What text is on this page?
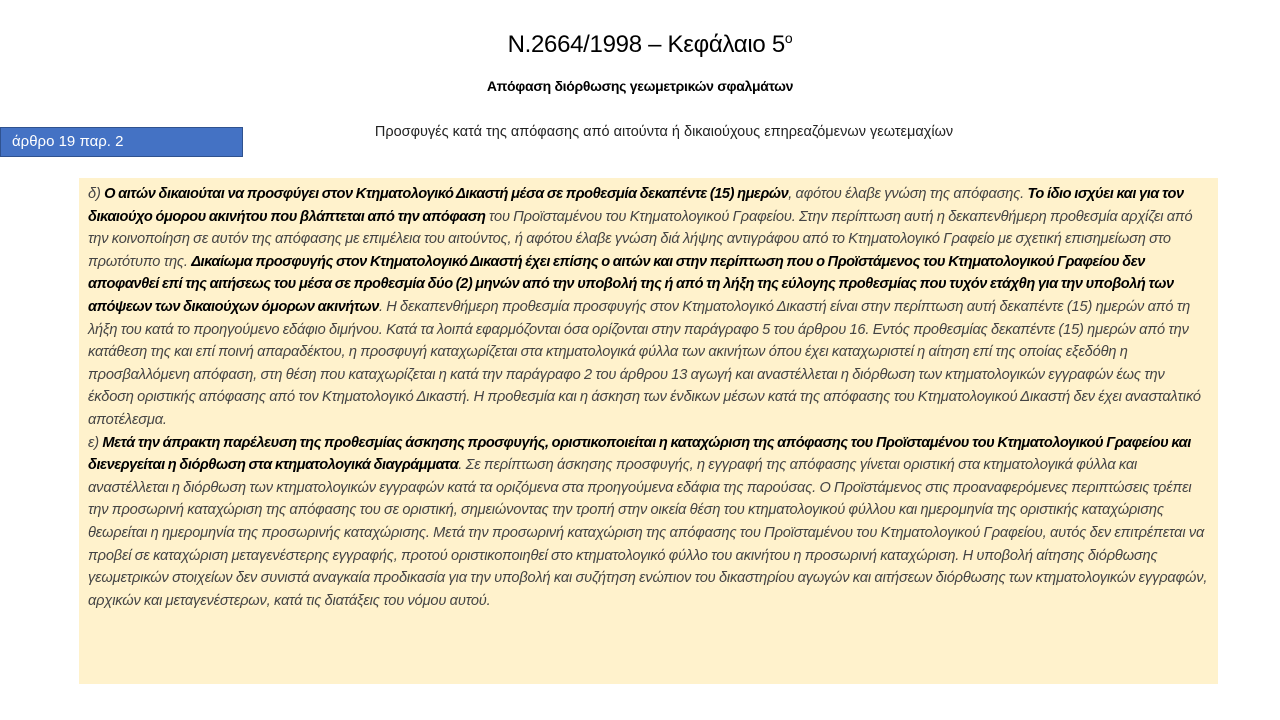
Ν.2664/1998 – Κεφάλαιο $5^o$
Απόφαση διόρθωσης γεωμετρικών σφαλμάτων
άρθρο 19 παρ. 2
Προσφυγές κατά της απόφασης από αιτούντα ή δικαιούχους επηρεαζόμενων γεωτεμαχίων

δ) Ο αιτών δικαιούται να προσφύγει στον Κτηματολογικό Δικαστή μέσα σε προθεσμία δεκαπέντε (15) ημερών, αφότου έλαβε γνώση της απόφασης. Το ίδιο ισχύει και για τον δικαιούχο όμορου ακινήτου που βλάπτεται από την απόφαση του Προϊσταμένου του Κτηματολογικού Γραφείου. Στην περίπτωση αυτή η δεκαπενθήμερη προθεσμία αρχίζει από την κοινοποίηση σε αυτόν της απόφασης με επιμέλεια του αιτούντος, ή αφότου έλαβε γνώση διά λήψης αντιγράφου από το Κτηματολογικό Γραφείο με σχετική επισημείωση στο πρωτότυπο της. Δικαίωμα προσφυγής στον Κτηματολογικό Δικαστή έχει επίσης ο αιτών και στην περίπτωση που ο Προϊστάμενος του Κτηματολογικού Γραφείου δεν αποφανθεί επί της αιτήσεως του μέσα σε προθεσμία δύο (2) μηνών από την υποβολή της ή από τη λήξη της εύλογης προθεσμίας που τυχόν ετάχθη για την υποβολή των απόψεων των δικαιούχων όμορων ακινήτων. Η δεκαπενθήμερη προθεσμία προσφυγής στον Κτηματολογικό Δικαστή είναι στην περίπτωση αυτή δεκαπέντε (15) ημερών από τη λήξη του κατά το προηγούμενο εδάφιο διμήνου. Κατά τα λοιπά εφαρμόζονται όσα ορίζονται στην παράγραφο 5 του άρθρου 16. Εντός προθεσμίας δεκαπέντε (15) ημερών από την κατάθεση της και επί ποινή απαραδέκτου, η προσφυγή καταχωρίζεται στα κτηματολογικά φύλλα των ακινήτων όπου έχει καταχωριστεί η αίτηση επί της οποίας εξεδόθη η προσβαλλόμενη απόφαση, στη θέση που καταχωρίζεται η κατά την παράγραφο 2 του άρθρου 13 αγωγή και αναστέλλεται η διόρθωση των κτηματολογικών εγγραφών έως την έκδοση οριστικής απόφασης από τον Κτηματολογικό Δικαστή. Η προθεσμία και η άσκηση των ένδικων μέσων κατά της απόφασης του Κτηματολογικού Δικαστή δεν έχει ανασταλτικό αποτέλεσμα.

ε) Μετά την άπρακτη παρέλευση της προθεσμίας άσκησης προσφυγής, οριστικοποιείται η καταχώριση της απόφασης του Προϊσταμένου του Κτηματολογικού Γραφείου και διενεργείται η διόρθωση στα κτηματολογικά διαγράμματα. Σε περίπτωση άσκησης προσφυγής, η εγγραφή της απόφασης γίνεται οριστική στα κτηματολογικά φύλλα και αναστέλλεται η διόρθωση των κτηματολογικών εγγραφών κατά τα οριζόμενα στα προηγούμενα εδάφια της παρούσας. Ο Προϊστάμενος στις προαναφερόμενες περιπτώσεις τρέπει την προσωρινή καταχώριση της απόφασης του σε οριστική, σημειώνοντας την τροπή στην οικεία θέση του κτηματολογικού φύλλου και ημερομηνία της οριστικής καταχώρισης θεωρείται η ημερομηνία της προσωρινής καταχώρισης. Μετά την προσωρινή καταχώριση της απόφασης του Προϊσταμένου του Κτηματολογικού Γραφείου, αυτός δεν επιτρέπεται να προβεί σε καταχώριση μεταγενέστερης εγγραφής, προτού οριστικοποιηθεί στο κτηματολογικό φύλλο του ακινήτου η προσωρινή καταχώριση. Η υποβολή αίτησης διόρθωσης γεωμετρικών στοιχείων δεν συνιστά αναγκαία προδικασία για την υποβολή και συζήτηση ενώπιον του δικαστηρίου αγωγών και αιτήσεων διόρθωσης των κτηματολογικών εγγραφών, αρχικών και μεταγενέστερων, κατά τις διατάξεις του νόμου αυτού.
